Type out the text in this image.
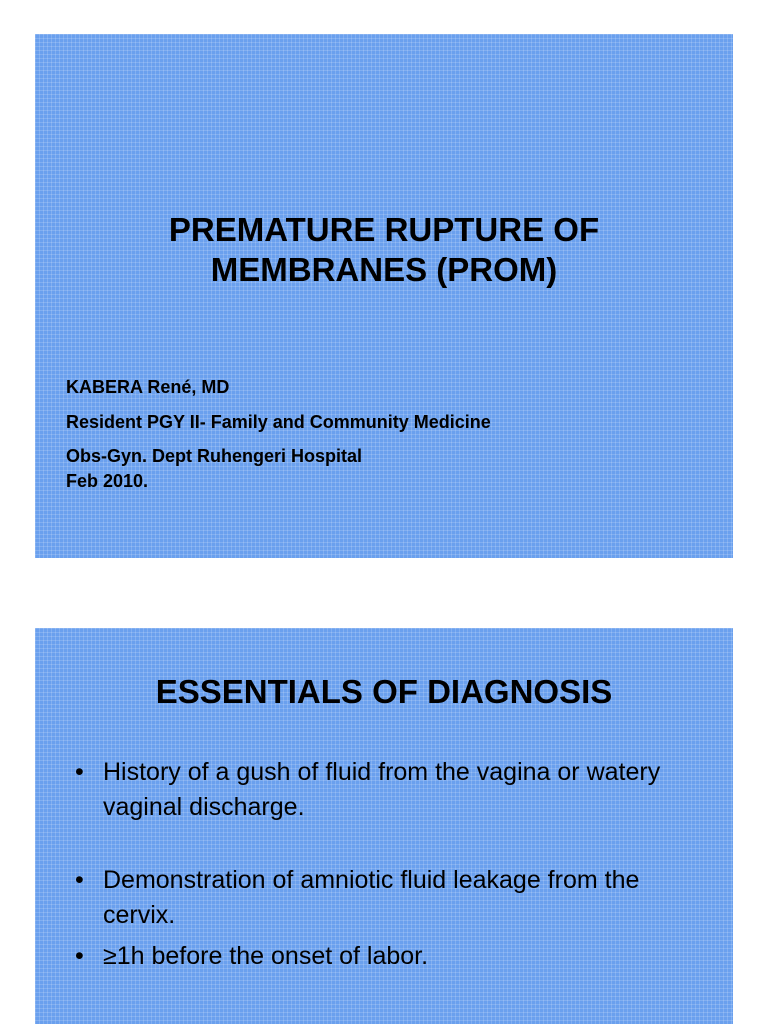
PREMATURE RUPTURE OF
MEMBRANES (PROM)

KABERA René, MD

Resident PGY II- Family and Community Medicine

Obs-Gyn. Dept Ruhengeri Hospital

Feb 2010.

ESSENTIALS OF DIAGNOSIS
• History of a gush of fluid from the vagina or watery vaginal discharge.
• Demonstration of amniotic fluid leakage from the cervix.
• ≥1h before the onset of labor.
